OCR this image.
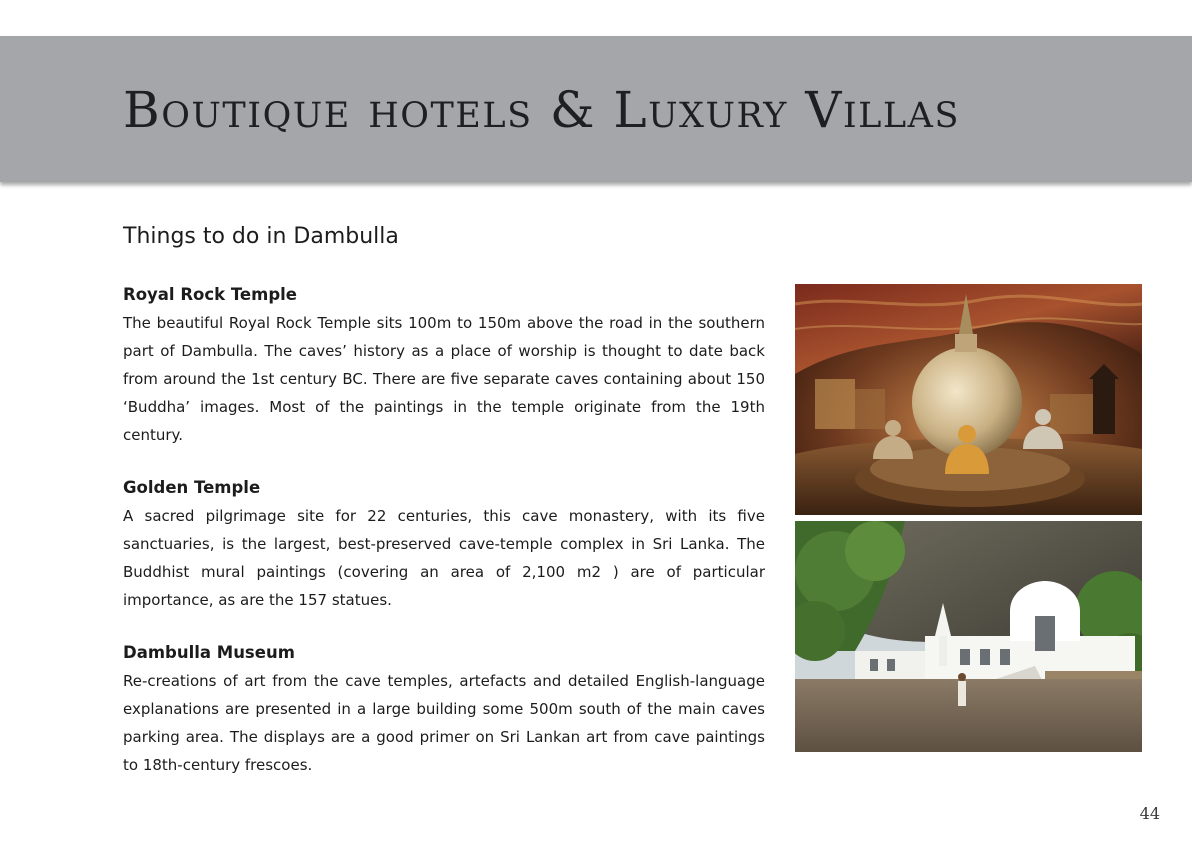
Boutique hotels & Luxury Villas
Things to do in Dambulla

Royal Rock Temple

The beautiful Royal Rock Temple sits 100m to 150m above the road in the southern part of Dambulla. The caves’ history as a place of worship is thought to date back from around the 1st century BC. There are five separate caves containing about 150 ‘Buddha’ images. Most of the paintings in the temple originate from the 19th century.

Golden Temple

A sacred pilgrimage site for 22 centuries, this cave monastery, with its five sanctuaries, is the largest, best-preserved cave-temple complex in Sri Lanka. The Buddhist mural paintings (covering an area of 2,100 m2 ) are of particular importance, as are the 157 statues.

Dambulla Museum

Re-creations of art from the cave temples, artefacts and detailed English-language explanations are presented in a large building some 500m south of the main caves parking area. The displays are a good primer on Sri Lankan art from cave paintings to 18th-century frescoes.

44
